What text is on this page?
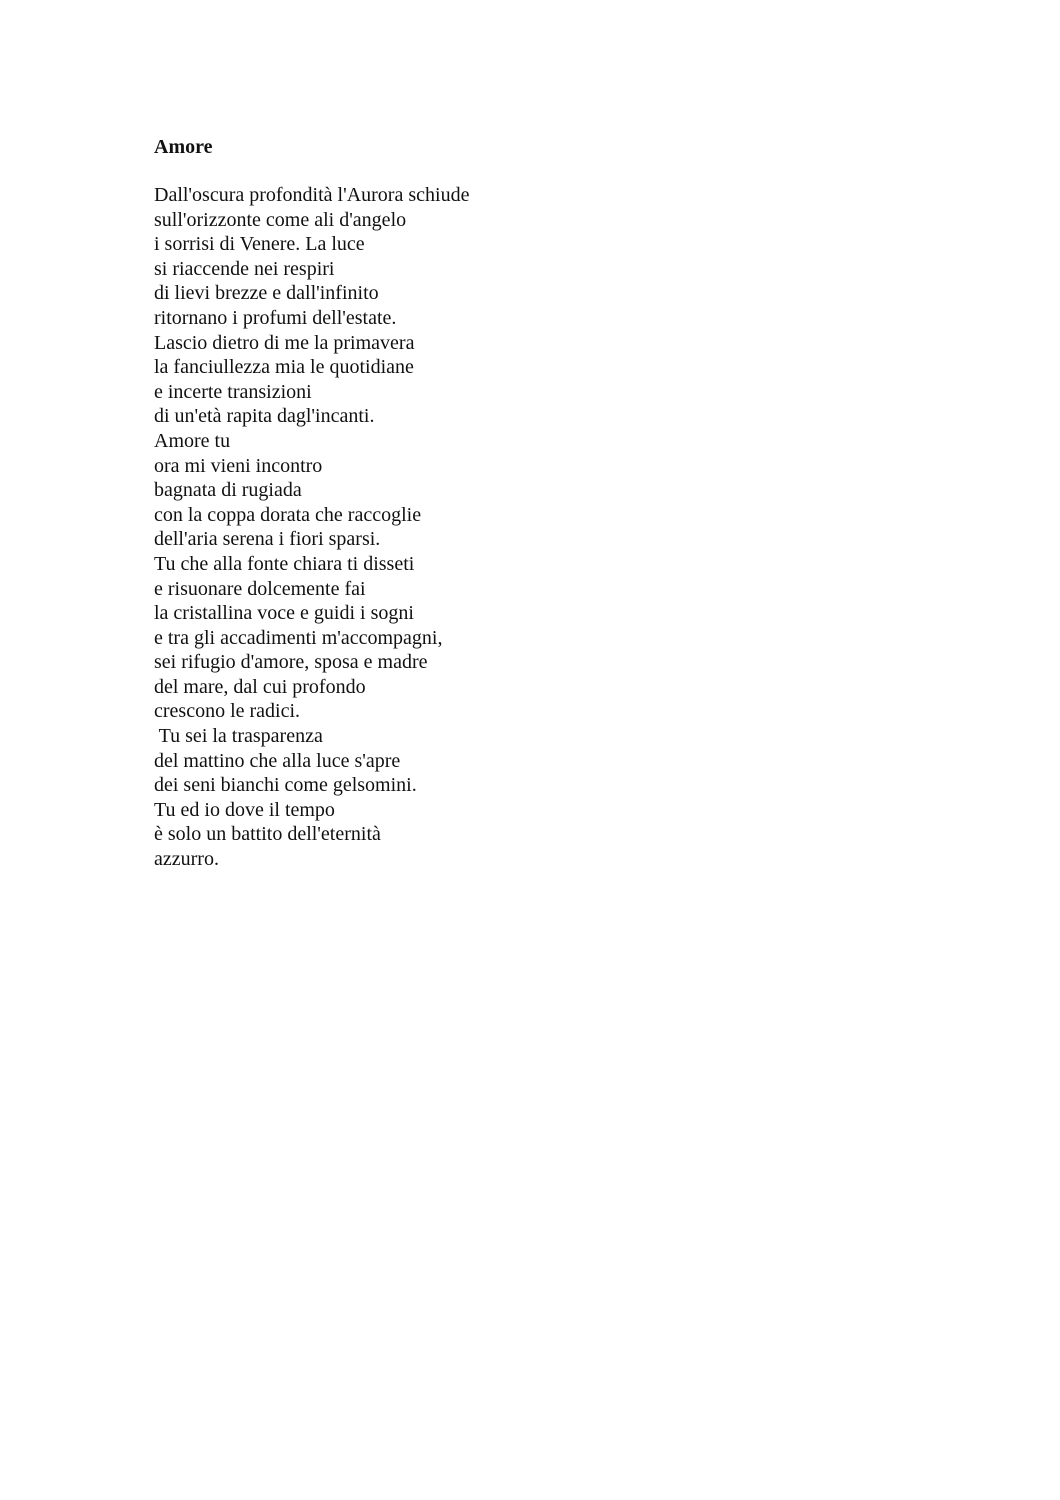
Amore
Dall'oscura profondità l'Aurora schiude
sull'orizzonte come ali d'angelo
i sorrisi di Venere. La luce
si riaccende nei respiri
di lievi brezze e dall'infinito
ritornano i profumi dell'estate.
Lascio dietro di me la primavera
la fanciullezza mia le quotidiane
e incerte transizioni
di un'età rapita dagl'incanti.
Amore tu
ora mi vieni incontro
bagnata di rugiada
con la coppa dorata che raccoglie
dell'aria serena i fiori sparsi.
Tu che alla fonte chiara ti disseti
e risuonare dolcemente fai
la cristallina voce e guidi i sogni
e tra gli accadimenti m'accompagni,
sei rifugio d'amore, sposa e madre
del mare, dal cui profondo
crescono le radici.
Tu sei la trasparenza
del mattino che alla luce s'apre
dei seni bianchi come gelsomini.
Tu ed io dove il tempo
è solo un battito dell'eternità
azzurro.
